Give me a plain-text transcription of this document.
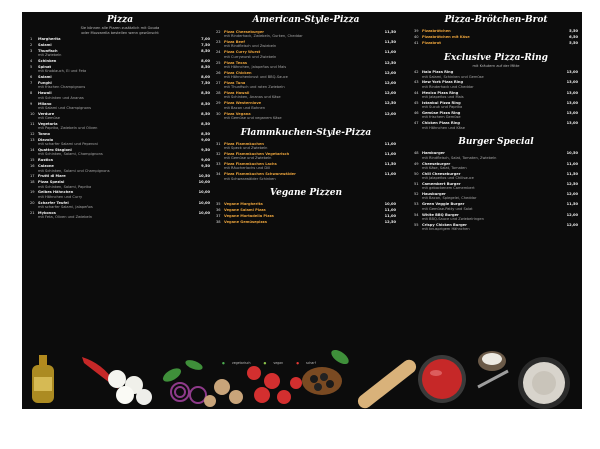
Pizza
Sie können alle Pizzen zusätzlich mit Gouda
oder Mozzarella bestellen wenn gewünscht
1 Margherita	7,00
2 Salami	7,50
3 Thunfisch	8,50
mit Zwiebeln
4 Schinken	8,00
5 Spinat	8,50
mit Knoblauch, Ei und Feta
6 Salami	8,00
7 Funghi	7,50
mit frischen Champignons
8 Hawaii	8,50
mit Schinken und Ananas
9 Milano	8,50
mit Salami und Champignons
10 Verdure	8,50
mit Gemüse
11 Vegetaria	8,50
mit Paprika, Zwiebeln und Oliven
12 Tonno	8,50
13 Diavolo	9,00
mit scharfer Salami und Peperoni
14 Quattro Stagioni	9,50
mit Schinken, Salami, Champignons
15 Rustica	9,00
16 Calzone	9,50
mit Schinken, Salami und Champignons
17 Frutti di Mare	10,50
18 Pizza Spezial	10,00
mit Schinken, Salami, Paprika
19 Gelbes Hähnchen	10,00
mit Hähnchen und Curry
20 Scharfer Teufel	10,00
mit scharfer Salami, Jalapeños
21 Mykonos	10,00
mit Feta, Oliven und Zwiebeln
American-Style-Pizza
22 Pizza Cheeseburger	11,50
mit Rinderhack, Zwiebeln, Gurken, Cheddar
23 Pizza Beef	11,50
mit Rindfleisch und Zwiebeln
24 Pizza Curry Wurst	11,00
mit Currywurst und Zwiebeln
25 Pizza Texas	12,50
mit Hähnchen, Jalapeños und Mais
26 Pizza Chicken	12,00
mit Hähnchenbrust und BBQ-Sauce
27 Pizza Tuna	12,00
mit Thunfisch und roten Zwiebeln
28 Pizza Hawaii	12,00
mit Schinken, Ananas und Käse
29 Pizza Westernlove	12,50
mit Bacon und Bohnen
30 Pizza Vegana	12,00
mit Gemüse und veganem Käse
Flammkuchen-Style-Pizza
31 Pizza Flammkuchen	11,00
mit Speck und Zwiebeln
32 Pizza Flammkuchen Vegetarisch	11,00
mit Gemüse und Zwiebeln
33 Pizza Flammkuchen Lachs	11,50
mit Räucherlachs und Dill
34 Pizza Flammkuchen Schwarzwälder	11,00
mit Schwarzwälder Schinken
Vegane Pizzen
35 Vegane Margherita	10,00
36 Vegane Salami Pizza	11,00
37 Vegane Mortadella Pizza	11,00
38 Vegane Gemüsepizza	12,50
Pizza-Brötchen-Brot
39 Pizzabrötchen	5,50
40 Pizzabrötchen mit Käse	6,50
41 Pizzabrot	5,50
Exclusive Pizza-Ring
mit Kräutern auf der Mitte
42 Italo Pizza Ring	13,00
mit Salami, Schinken und Gemüse
43 New York Pizza Ring	13,00
mit Rinderhack und Cheddar
44 Mexico Pizza Ring	13,00
mit Jalapeños und Mais
45 Istanbul Pizza Ring	13,00
mit Sucuk und Paprika
46 Gemüse Pizza Ring	13,00
mit frischem Gemüse
47 Chicken Pizza Ring	13,00
mit Hähnchen und Käse
Burger Special
48 Hamburger	10,50
mit Rindfleisch, Salat, Tomaten, Zwiebeln
49 Cheeseburger	11,00
mit Käse, Salat, Tomaten
50 Chili Cheeseburger	11,50
mit Jalapeños und Chilisauce
51 Camembert Burger	12,50
mit gebackenem Camembert
52 Hausburger	12,00
mit Bacon, Spiegelei, Cheddar
53 Green Veggie Burger	11,50
mit Gemüse-Patty und Salat
54 White BBQ Burger	12,00
mit BBQ-Sauce und Zwiebelringen
55 Crispy Chicken Burger	12,00
mit knusprigem Hähnchen
● vegetarisch	● vegan	● scharf
